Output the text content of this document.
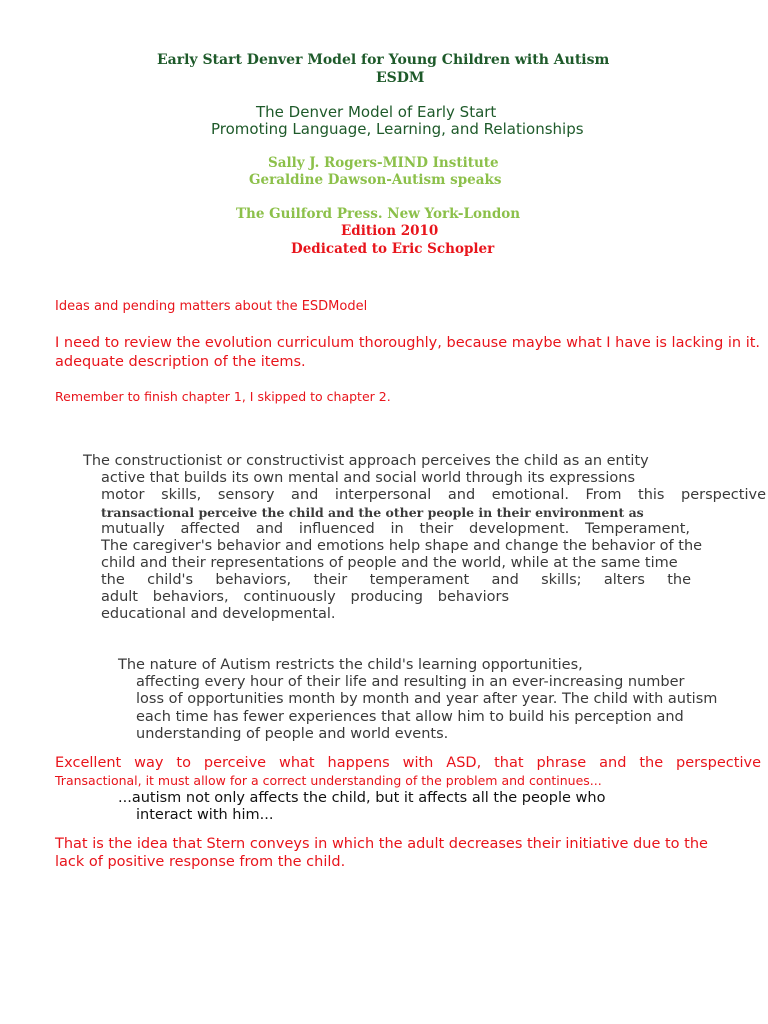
Early Start Denver Model for Young Children with Autism
ESDM
The Denver Model of Early Start
Promoting Language, Learning, and Relationships
Sally J. Rogers-MIND Institute
Geraldine Dawson-Autism speaks
The Guilford Press. New York-London
Edition 2010
Dedicated to Eric Schopler
Ideas and pending matters about the ESDModel
I need to review the evolution curriculum thoroughly, because maybe what I have is lacking in it.
adequate description of the items.
Remember to finish chapter 1, I skipped to chapter 2.
The constructionist or constructivist approach perceives the child as an entity
active that builds its own mental and social world through its expressions
motor skills, sensory and interpersonal and emotional. From this perspective
transactional perceive the child and the other people in their environment as
mutually affected and influenced in their development. Temperament,
The caregiver's behavior and emotions help shape and change the behavior of the
child and their representations of people and the world, while at the same time
the child's behaviors, their temperament and skills; alters the
adult behaviors, continuously producing behaviors
educational and developmental.
The nature of Autism restricts the child's learning opportunities,
affecting every hour of their life and resulting in an ever-increasing number
loss of opportunities month by month and year after year. The child with autism
each time has fewer experiences that allow him to build his perception and
understanding of people and world events.
Excellent way to perceive what happens with ASD, that phrase and the perspective
Transactional, it must allow for a correct understanding of the problem and continues...
...autism not only affects the child, but it affects all the people who
interact with him...
That is the idea that Stern conveys in which the adult decreases their initiative due to the
lack of positive response from the child.
